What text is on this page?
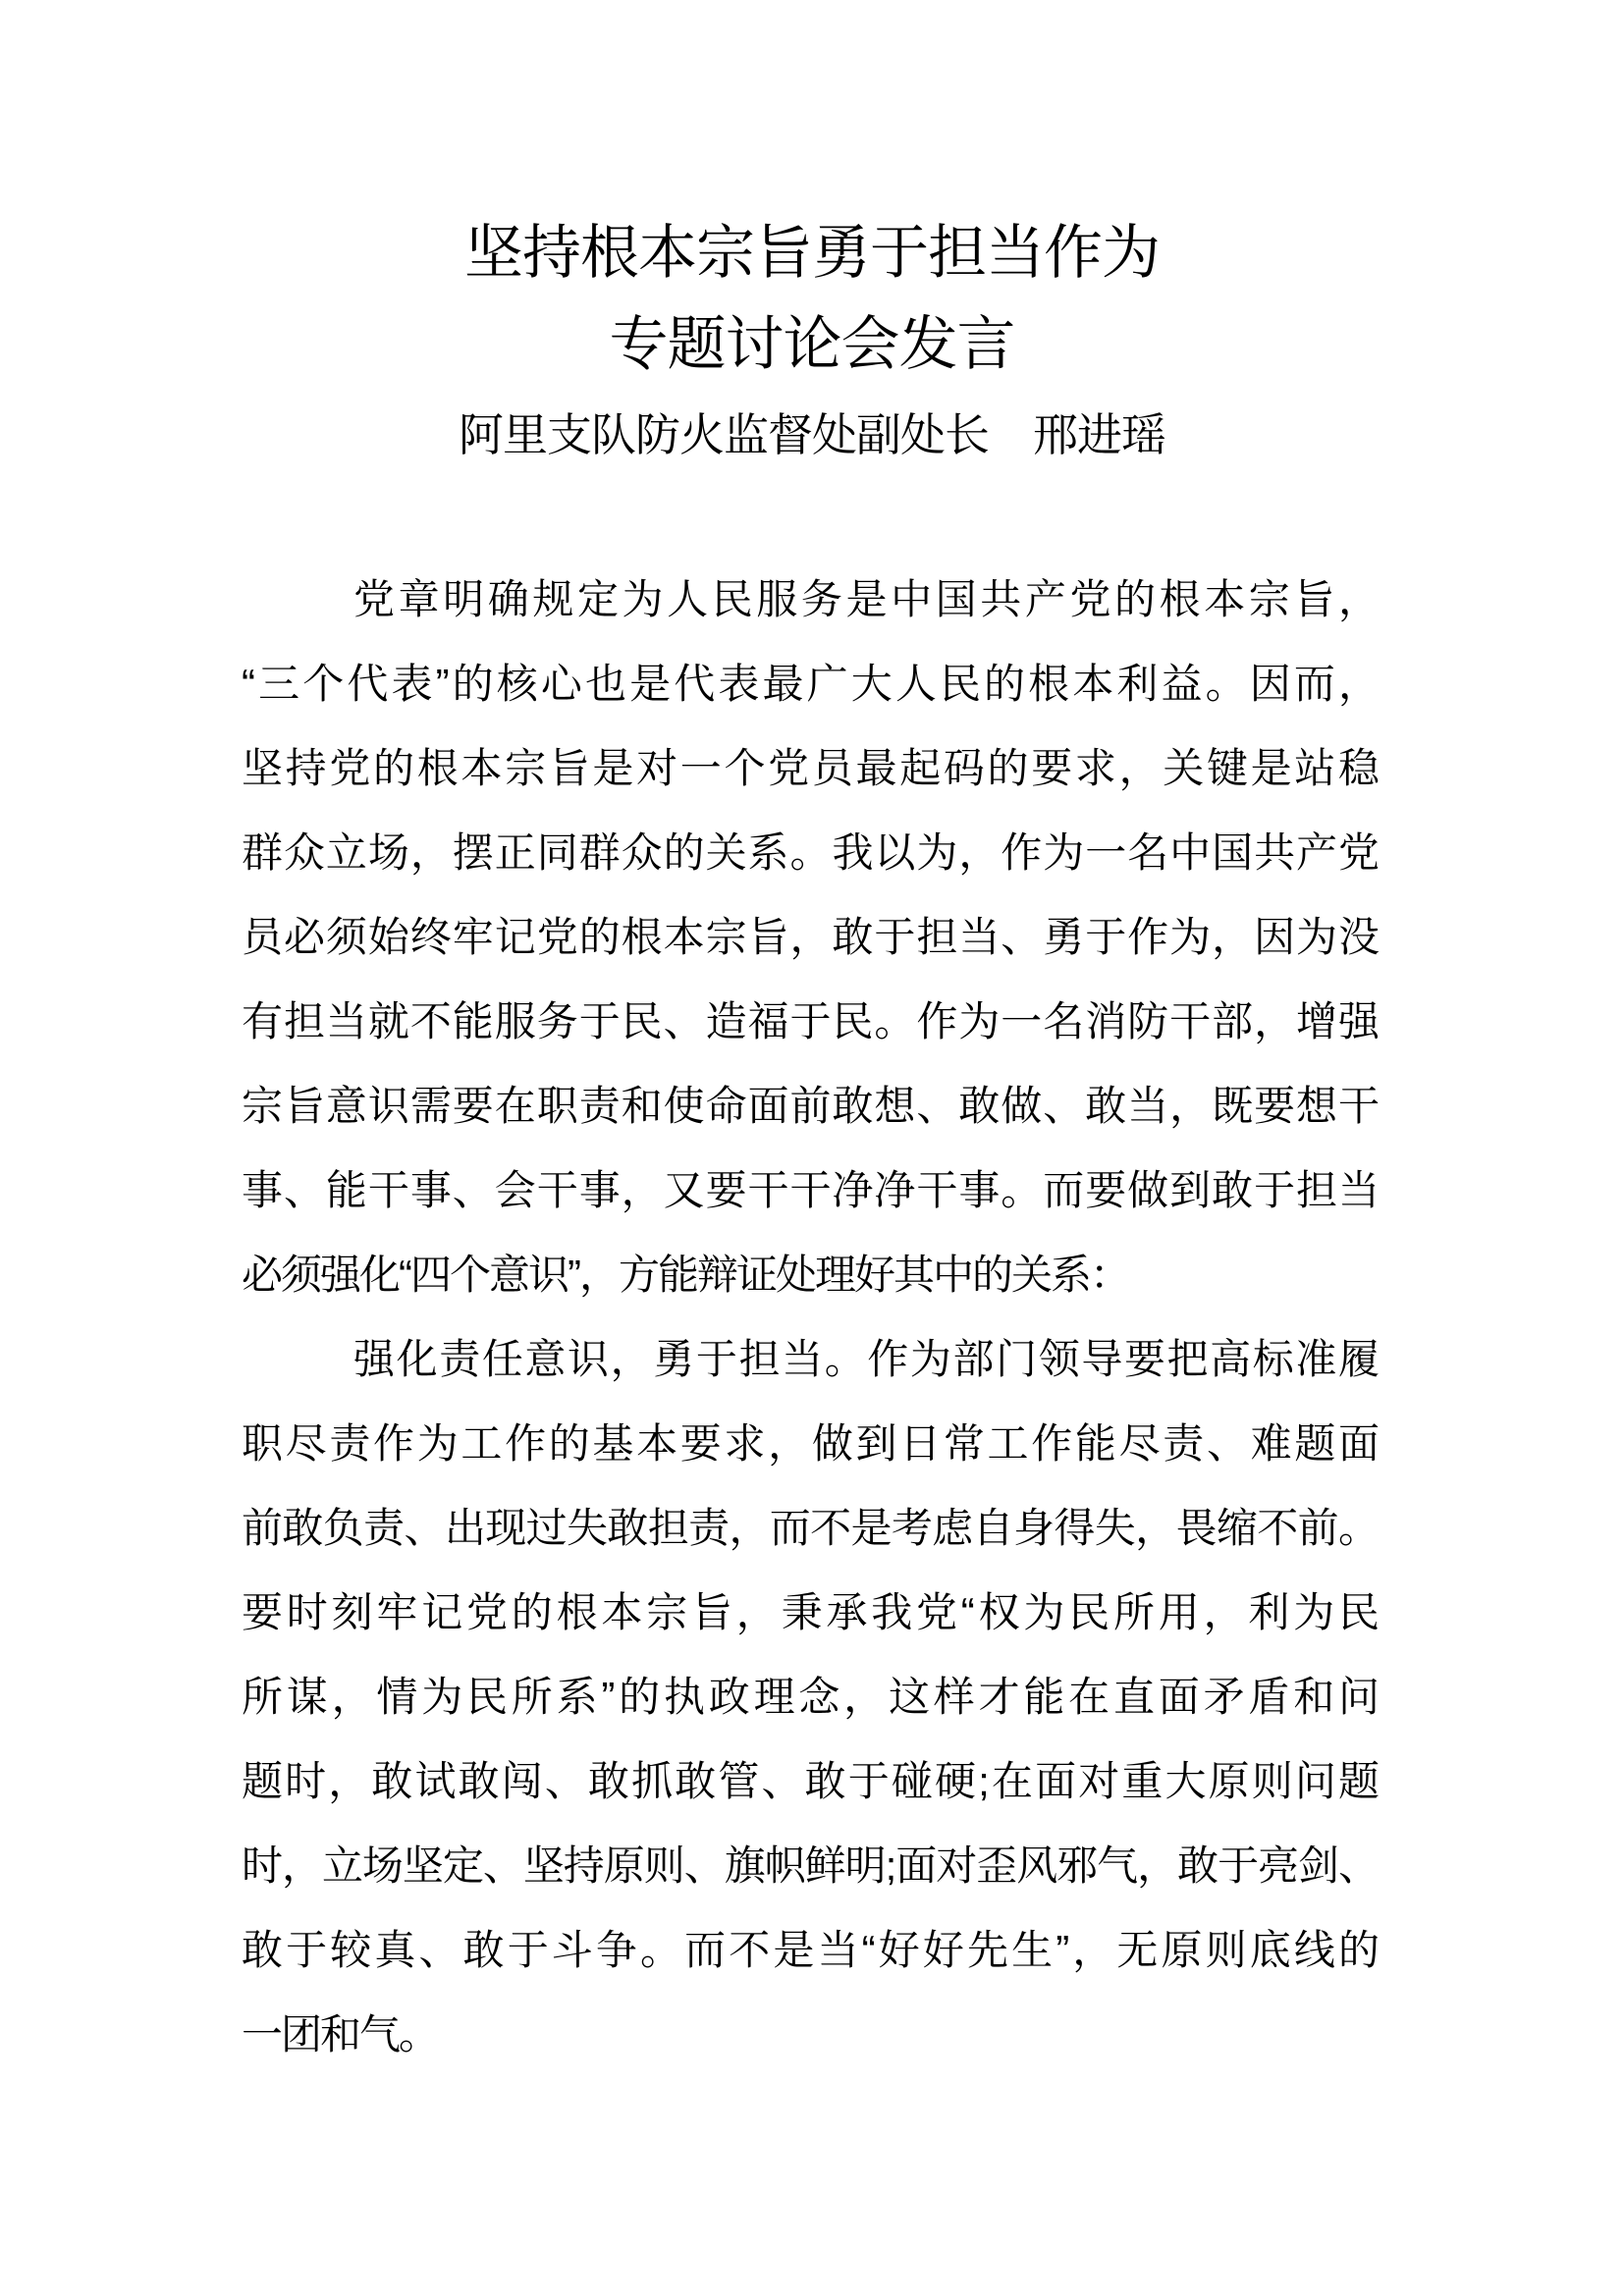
坚持根本宗旨勇于担当作为
专题讨论会发言
阿里支队防火监督处副处长　邢进瑶
党章明确规定为人民服务是中国共产党的根本宗旨，
“三个代表”的核心也是代表最广大人民的根本利益。因而，
坚持党的根本宗旨是对一个党员最起码的要求，关键是站稳
群众立场，摆正同群众的关系。我以为，作为一名中国共产党
员必须始终牢记党的根本宗旨，敢于担当、勇于作为，因为没
有担当就不能服务于民、造福于民。作为一名消防干部，增强
宗旨意识需要在职责和使命面前敢想、敢做、敢当，既要想干
事、能干事、会干事，又要干干净净干事。而要做到敢于担当
必须强化“四个意识”，方能辩证处理好其中的关系：
强化责任意识，勇于担当。作为部门领导要把高标准履
职尽责作为工作的基本要求，做到日常工作能尽责、难题面
前敢负责、出现过失敢担责，而不是考虑自身得失，畏缩不前。
要时刻牢记党的根本宗旨，秉承我党“权为民所用，利为民
所谋，情为民所系”的执政理念，这样才能在直面矛盾和问
题时，敢试敢闯、敢抓敢管、敢于碰硬;在面对重大原则问题
时，立场坚定、坚持原则、旗帜鲜明;面对歪风邪气，敢于亮剑、
敢于较真、敢于斗争。而不是当“好好先生”，无原则底线的
一团和气。
